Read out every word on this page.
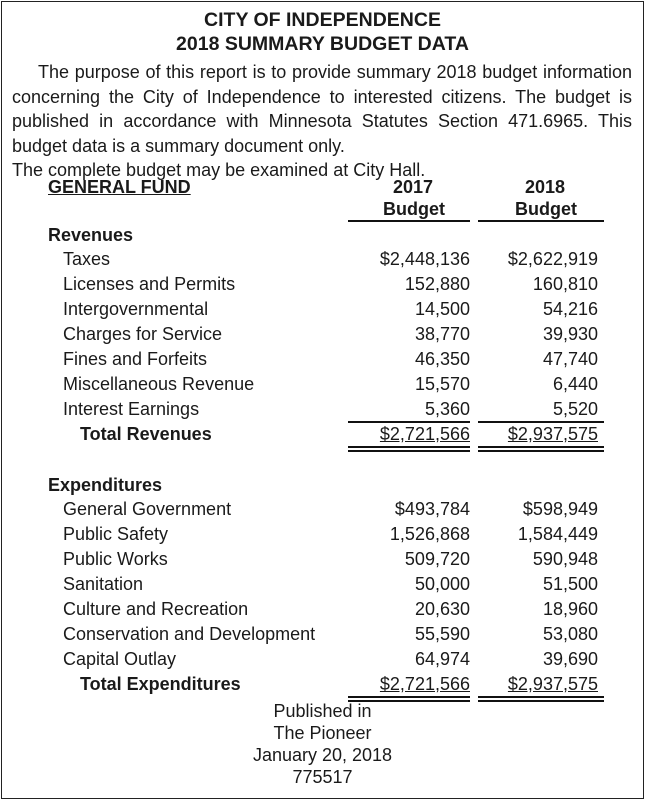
CITY OF INDEPENDENCE
2018 SUMMARY BUDGET DATA
The purpose of this report is to provide summary 2018 budget information concerning the City of Independence to interested citizens. The budget is published in accordance with Minnesota Statutes Section 471.6965. This budget data is a summary document only.
The complete budget may be examined at City Hall.
GENERAL FUND	2017	2018
Budget	Budget
Published in
The Pioneer
January 20, 2018
775517
Revenues
Taxes	$2,448,136 $2,622,919
Licenses and Permits	152,880	160,810
Intergovernmental	14,500	54,216
Charges for Service	38,770	39,930
Fines and Forfeits	46,350	47,740
Miscellaneous Revenue	15,570	6,440
Interest Earnings	5,360	5,520
Total Revenues	$2,721,566 $2,937,575
Expenditures
General Government	$493,784	$598,949
Public Safety	1,526,868	1,584,449
Public Works	509,720	590,948
Sanitation	50,000	51,500
Culture and Recreation	20,630	18,960
Conservation and Development	55,590	53,080
Capital Outlay	64,974	39,690
Total Expenditures	$2,721,566 $2,937,575
